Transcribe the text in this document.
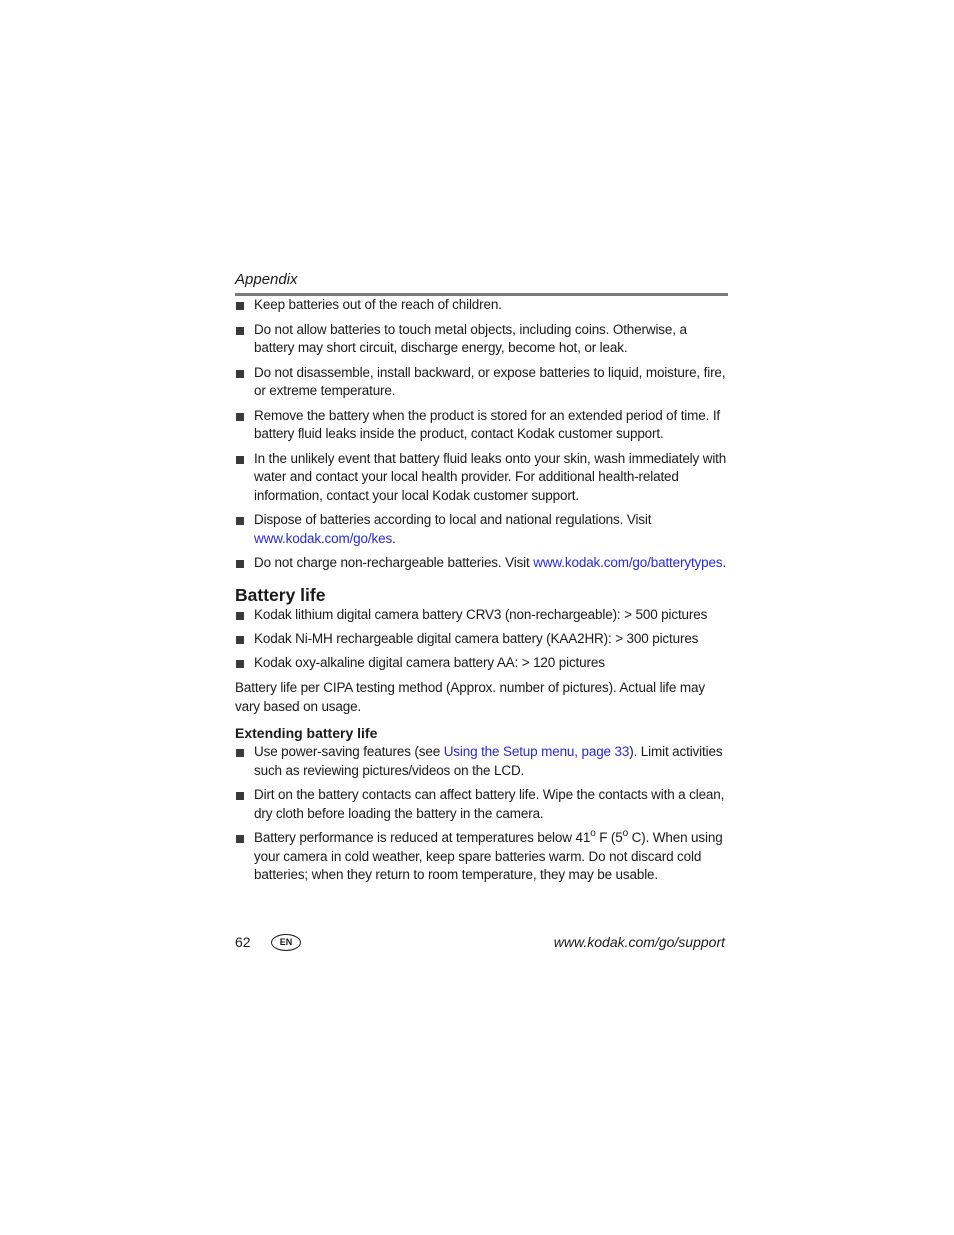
Appendix
Keep batteries out of the reach of children.
Do not allow batteries to touch metal objects, including coins. Otherwise, a battery may short circuit, discharge energy, become hot, or leak.
Do not disassemble, install backward, or expose batteries to liquid, moisture, fire, or extreme temperature.
Remove the battery when the product is stored for an extended period of time. If battery fluid leaks inside the product, contact Kodak customer support.
In the unlikely event that battery fluid leaks onto your skin, wash immediately with water and contact your local health provider. For additional health-related information, contact your local Kodak customer support.
Dispose of batteries according to local and national regulations. Visit www.kodak.com/go/kes.
Do not charge non-rechargeable batteries. Visit www.kodak.com/go/batterytypes.
Battery life
Kodak lithium digital camera battery CRV3 (non-rechargeable): > 500 pictures
Kodak Ni-MH rechargeable digital camera battery (KAA2HR): > 300 pictures
Kodak oxy-alkaline digital camera battery AA: > 120 pictures

Battery life per CIPA testing method (Approx. number of pictures). Actual life may vary based on usage.

Extending battery life
Use power-saving features (see Using the Setup menu, page 33). Limit activities such as reviewing pictures/videos on the LCD.
Dirt on the battery contacts can affect battery life. Wipe the contacts with a clean, dry cloth before loading the battery in the camera.
Battery performance is reduced at temperatures below 41$^o$ F (5$^o$ C). When using your camera in cold weather, keep spare batteries warm. Do not discard cold batteries; when they return to room temperature, they may be usable.
62	EN	www.kodak.com/go/support
